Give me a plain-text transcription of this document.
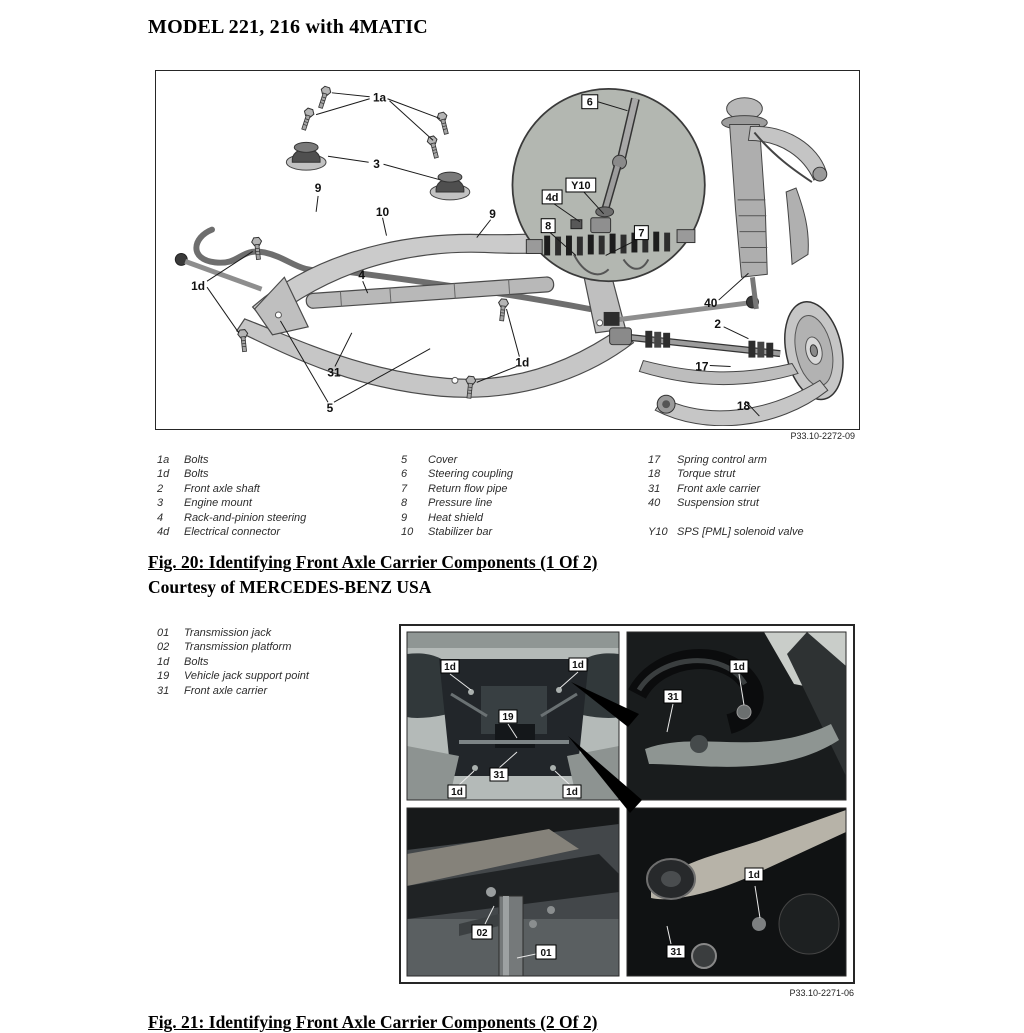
MODEL 221, 216 with 4MATIC
1a
3
9
10	9
1d
4
31
5
1d
40
2
17
18
6
Y10
4d
8
7
P33.10-2272-09
1a	Bolts
1d	Bolts
2	Front axle shaft
3	Engine mount
4	Rack-and-pinion steering
4d	Electrical connector
5	Cover
6	Steering coupling
7	Return flow pipe
8	Pressure line
9	Heat shield
10	Stabilizer bar
17	Spring control arm
18	Torque strut
31	Front axle carrier
40	Suspension strut
Y10 SPS [PML] solenoid valve
Fig. 20: Identifying Front Axle Carrier Components (1 Of 2)
Courtesy of MERCEDES-BENZ USA
01	Transmission jack
02	Transmission platform
1d	Bolts
19	Vehicle jack support point
31	Front axle carrier
1d	1d
19
31
1d	1d
1d
31
02
01
1d
31
P33.10-2271-06
Fig. 21: Identifying Front Axle Carrier Components (2 Of 2)
